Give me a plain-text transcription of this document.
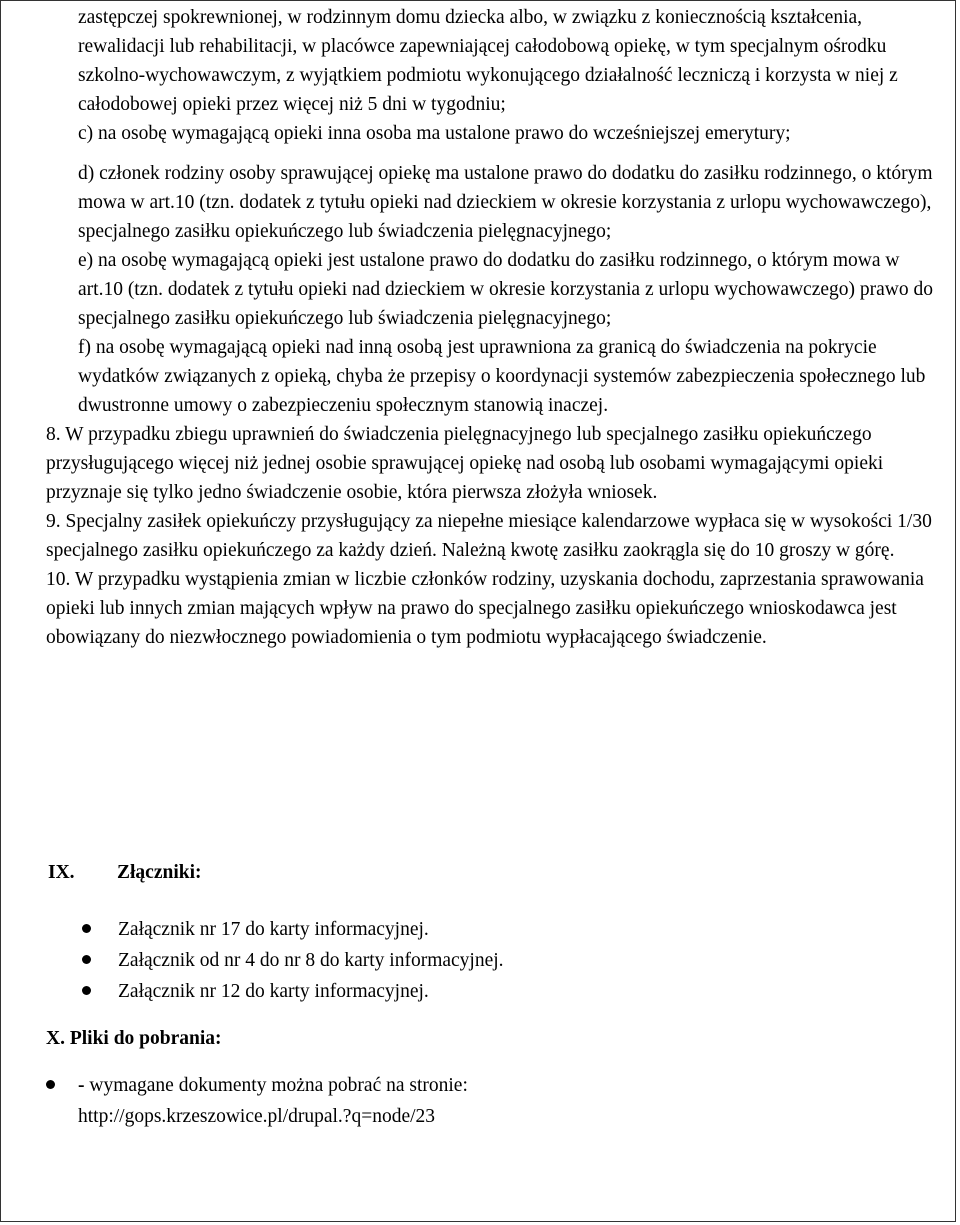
zastępczej spokrewnionej, w rodzinnym domu dziecka albo, w związku z koniecznością kształcenia, rewalidacji lub rehabilitacji, w placówce zapewniającej całodobową opiekę, w tym specjalnym ośrodku szkolno-wychowawczym, z wyjątkiem podmiotu wykonującego działalność leczniczą i korzysta w niej z całodobowej opieki przez więcej niż 5 dni w tygodniu;

c) na osobę wymagającą opieki inna osoba ma ustalone prawo do wcześniejszej emerytury;

d) członek rodziny osoby sprawującej opiekę ma ustalone prawo do dodatku do zasiłku rodzinnego, o którym mowa w art.10 (tzn. dodatek z tytułu opieki nad dzieckiem w okresie korzystania z urlopu wychowawczego), specjalnego zasiłku opiekuńczego lub świadczenia pielęgnacyjnego;

e) na osobę wymagającą opieki jest ustalone prawo do dodatku do zasiłku rodzinnego, o którym mowa w art.10 (tzn. dodatek z tytułu opieki nad dzieckiem w okresie korzystania z urlopu wychowawczego) prawo do specjalnego zasiłku opiekuńczego lub świadczenia pielęgnacyjnego;

f) na osobę wymagającą opieki nad inną osobą jest uprawniona za granicą do świadczenia na pokrycie wydatków związanych z opieką, chyba że przepisy o koordynacji systemów zabezpieczenia społecznego lub dwustronne umowy o zabezpieczeniu społecznym stanowią inaczej.

8. W przypadku zbiegu uprawnień do świadczenia pielęgnacyjnego lub specjalnego zasiłku opiekuńczego przysługującego więcej niż jednej osobie sprawującej opiekę nad osobą lub osobami wymagającymi opieki przyznaje się tylko jedno świadczenie osobie, która pierwsza złożyła wniosek.

9. Specjalny zasiłek opiekuńczy przysługujący za niepełne miesiące kalendarzowe wypłaca się w wysokości 1/30 specjalnego zasiłku opiekuńczego za każdy dzień. Należną kwotę zasiłku zaokrągla się do 10 groszy w górę.

10. W przypadku wystąpienia zmian w liczbie członków rodziny, uzyskania dochodu, zaprzestania sprawowania opieki lub innych zmian mających wpływ na prawo do specjalnego zasiłku opiekuńczego wnioskodawca jest obowiązany do niezwłocznego powiadomienia o tym podmiotu wypłacającego świadczenie.

IX. Złączniki:
Załącznik nr 17 do karty informacyjnej.
Załącznik od nr 4 do nr 8 do karty informacyjnej.
Załącznik nr 12 do karty informacyjnej.
X. Pliki do pobrania:
- wymagane dokumenty można pobrać na stronie:
http://gops.krzeszowice.pl/drupal.?q=node/23
